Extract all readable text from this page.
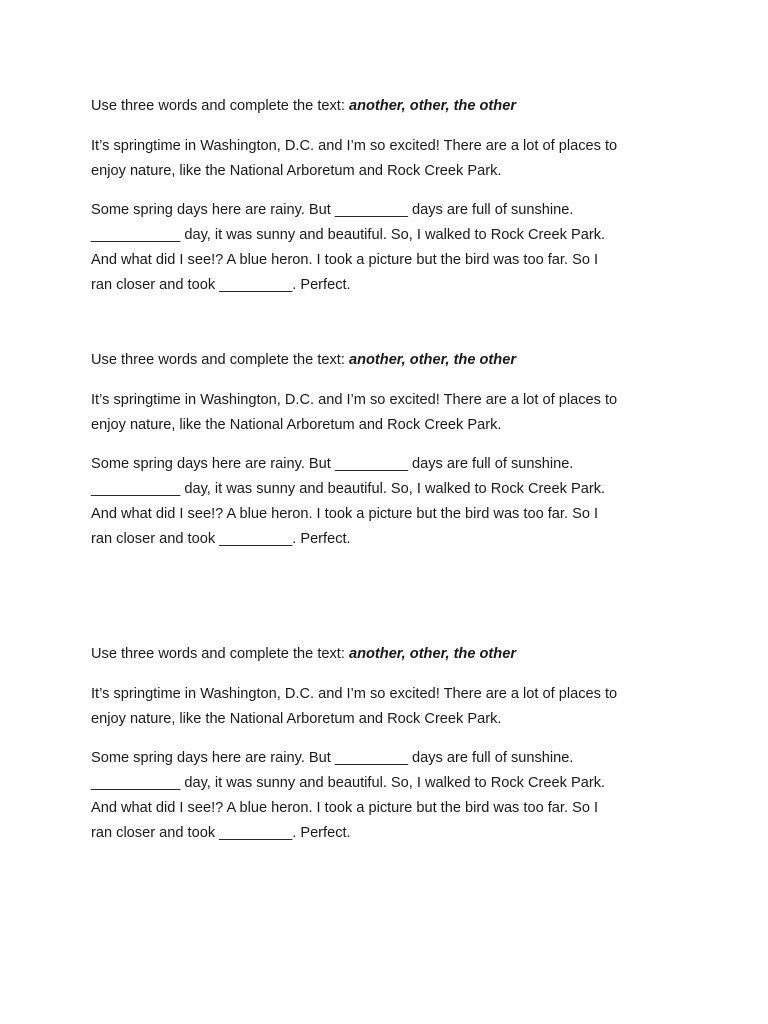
Use three words and complete the text: another, other, the other

It’s springtime in Washington, D.C. and I’m so excited! There are a lot of places to
enjoy nature, like the National Arboretum and Rock Creek Park.

Some spring days here are rainy. But _________ days are full of sunshine.
___________ day, it was sunny and beautiful. So, I walked to Rock Creek Park.
And what did I see!? A blue heron. I took a picture but the bird was too far. So I
ran closer and took _________. Perfect.

Use three words and complete the text: another, other, the other

It’s springtime in Washington, D.C. and I’m so excited! There are a lot of places to
enjoy nature, like the National Arboretum and Rock Creek Park.

Some spring days here are rainy. But _________ days are full of sunshine.
___________ day, it was sunny and beautiful. So, I walked to Rock Creek Park.
And what did I see!? A blue heron. I took a picture but the bird was too far. So I
ran closer and took _________. Perfect.

Use three words and complete the text: another, other, the other

It’s springtime in Washington, D.C. and I’m so excited! There are a lot of places to
enjoy nature, like the National Arboretum and Rock Creek Park.

Some spring days here are rainy. But _________ days are full of sunshine.
___________ day, it was sunny and beautiful. So, I walked to Rock Creek Park.
And what did I see!? A blue heron. I took a picture but the bird was too far. So I
ran closer and took _________. Perfect.
